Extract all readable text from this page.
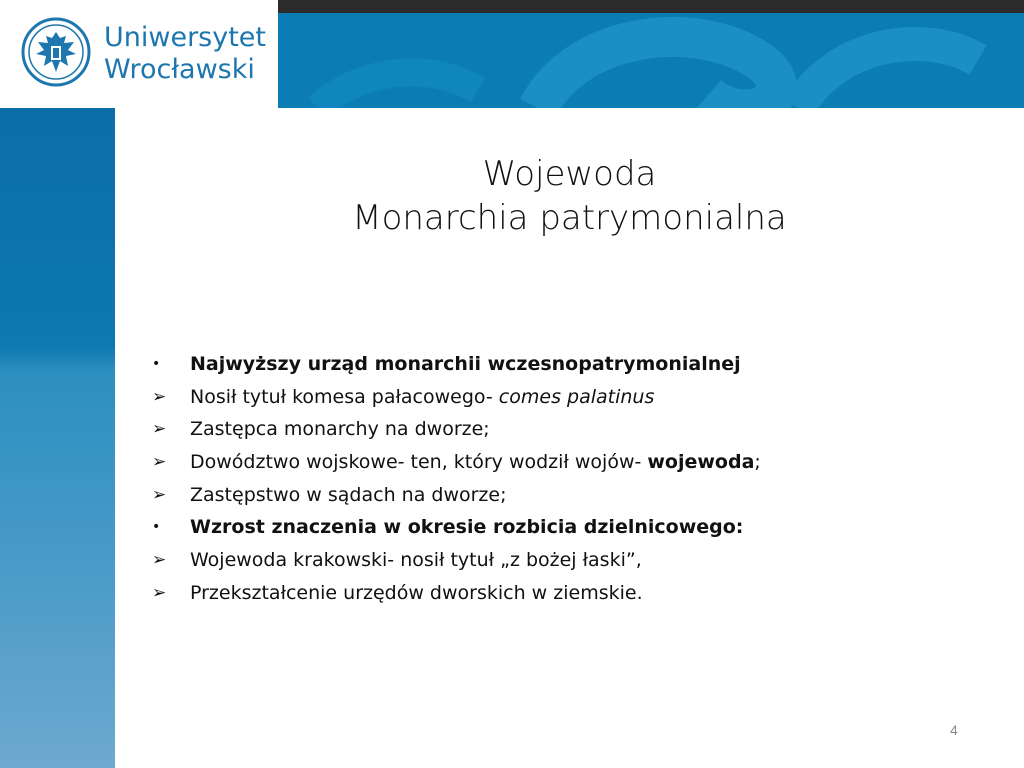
Uniwersytet
Wrocławski
Wojewoda
Monarchia patrymonialna
•	Najwyższy urząd monarchii wczesnopatrymonialnej
➢	Nosił tytuł komesa pałacowego- comes palatinus
➢	Zastępca monarchy na dworze;
➢	Dowództwo wojskowe- ten, który wodził wojów- wojewoda;
➢	Zastępstwo w sądach na dworze;
•	Wzrost znaczenia w okresie rozbicia dzielnicowego:
➢	Wojewoda krakowski- nosił tytuł „z bożej łaski”,
➢	Przekształcenie urzędów dworskich w ziemskie.
4
